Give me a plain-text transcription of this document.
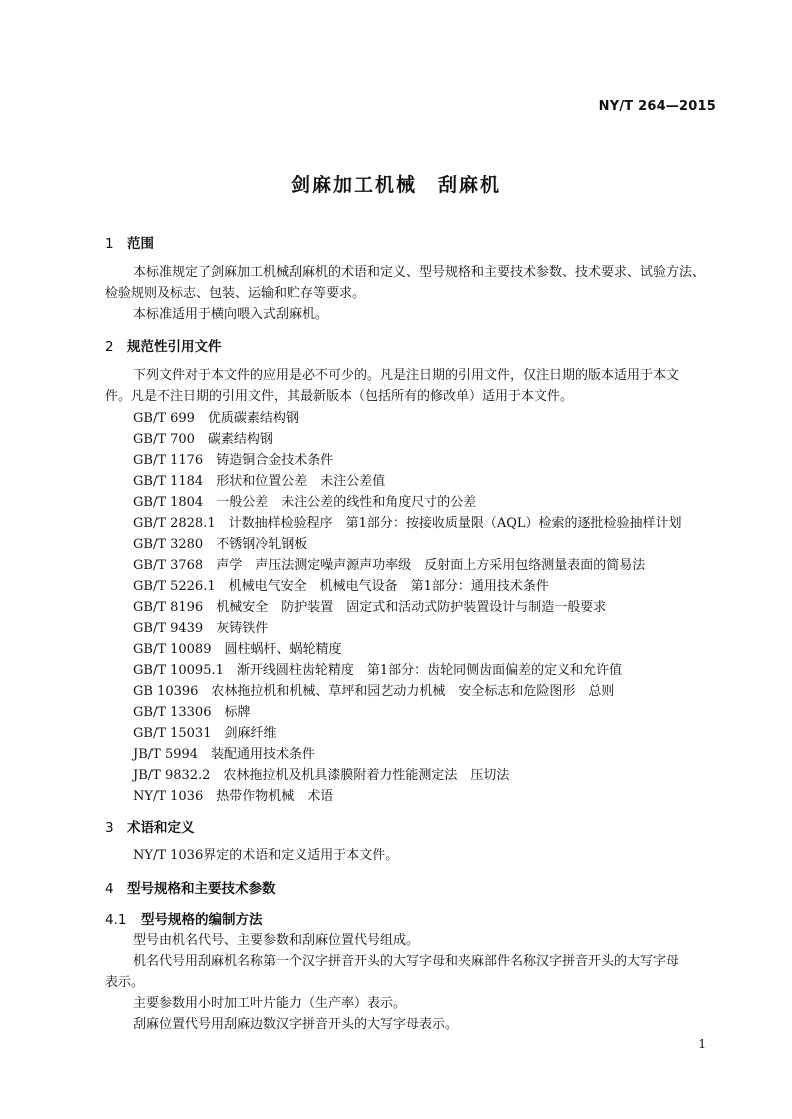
NY/T 264—2015
剑麻加工机械　刮麻机
1 范围
本标准规定了剑麻加工机械刮麻机的术语和定义、型号规格和主要技术参数、技术要求、试验方法、
检验规则及标志、包装、运输和贮存等要求。
本标准适用于横向喂入式刮麻机。
2 规范性引用文件
下列文件对于本文件的应用是必不可少的。凡是注日期的引用文件，仅注日期的版本适用于本文
件。凡是不注日期的引用文件，其最新版本（包括所有的修改单）适用于本文件。
GB/T 699　优质碳素结构钢
GB/T 700　碳素结构钢
GB/T 1176　铸造铜合金技术条件
GB/T 1184　形状和位置公差　未注公差值
GB/T 1804　一般公差　未注公差的线性和角度尺寸的公差
GB/T 2828.1　计数抽样检验程序　第1部分：按接收质量限（AQL）检索的逐批检验抽样计划
GB/T 3280　不锈钢冷轧钢板
GB/T 3768　声学　声压法测定噪声源声功率级　反射面上方采用包络测量表面的简易法
GB/T 5226.1　机械电气安全　机械电气设备　第1部分：通用技术条件
GB/T 8196　机械安全　防护装置　固定式和活动式防护装置设计与制造一般要求
GB/T 9439　灰铸铁件
GB/T 10089　圆柱蜗杆、蜗轮精度
GB/T 10095.1　渐开线圆柱齿轮精度　第1部分：齿轮同侧齿面偏差的定义和允许值
GB 10396　农林拖拉机和机械、草坪和园艺动力机械　安全标志和危险图形　总则
GB/T 13306　标牌
GB/T 15031　剑麻纤维
JB/T 5994　装配通用技术条件
JB/T 9832.2　农林拖拉机及机具漆膜附着力性能测定法　压切法
NY/T 1036　热带作物机械　术语
3 术语和定义
NY/T 1036界定的术语和定义适用于本文件。
4 型号规格和主要技术参数
4.1 型号规格的编制方法
型号由机名代号、主要参数和刮麻位置代号组成。
机名代号用刮麻机名称第一个汉字拼音开头的大写字母和夹麻部件名称汉字拼音开头的大写字母
表示。
主要参数用小时加工叶片能力（生产率）表示。
刮麻位置代号用刮麻边数汉字拼音开头的大写字母表示。
1
